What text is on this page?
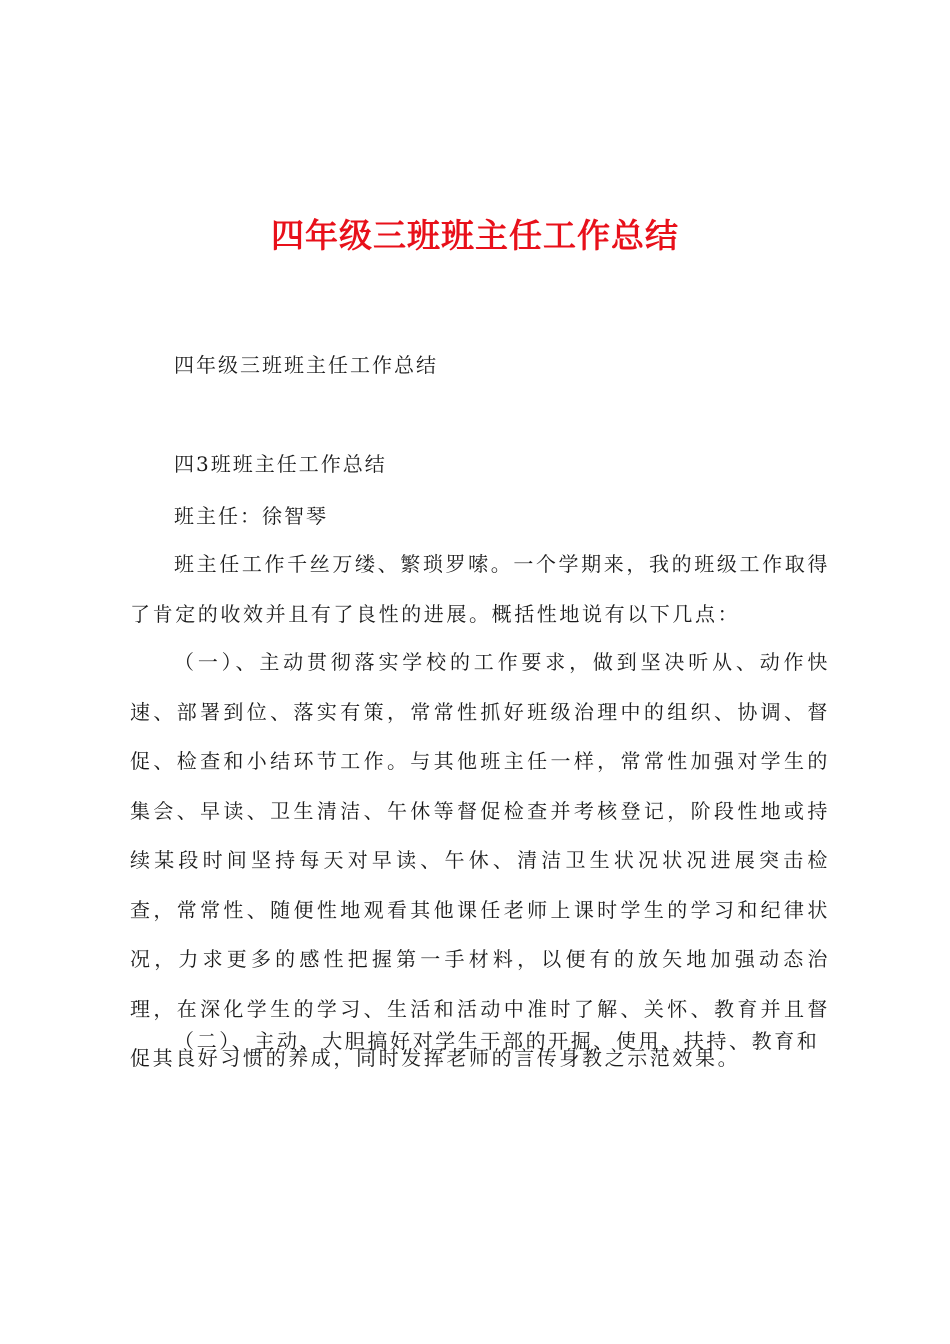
四年级三班班主任工作总结

四年级三班班主任工作总结

四3班班主任工作总结

班主任：徐智琴

班主任工作千丝万缕、繁琐罗嗦。一个学期来，我的班级工作取得了肯定的收效并且有了良性的进展。概括性地说有以下几点：

（一）、主动贯彻落实学校的工作要求，做到坚决听从、动作快速、部署到位、落实有策，常常性抓好班级治理中的组织、协调、督促、检查和小结环节工作。与其他班主任一样，常常性加强对学生的集会、早读、卫生清洁、午休等督促检查并考核登记，阶段性地或持续某段时间坚持每天对早读、午休、清洁卫生状况状况进展突击检查，常常性、随便性地观看其他课任老师上课时学生的学习和纪律状况，力求更多的感性把握第一手材料，以便有的放矢地加强动态治理，在深化学生的学习、生活和活动中准时了解、关怀、教育并且督促其良好习惯的养成，同时发挥老师的言传身教之示范效果。

（二）、主动、大胆搞好对学生干部的开掘、使用、扶持、教育和
